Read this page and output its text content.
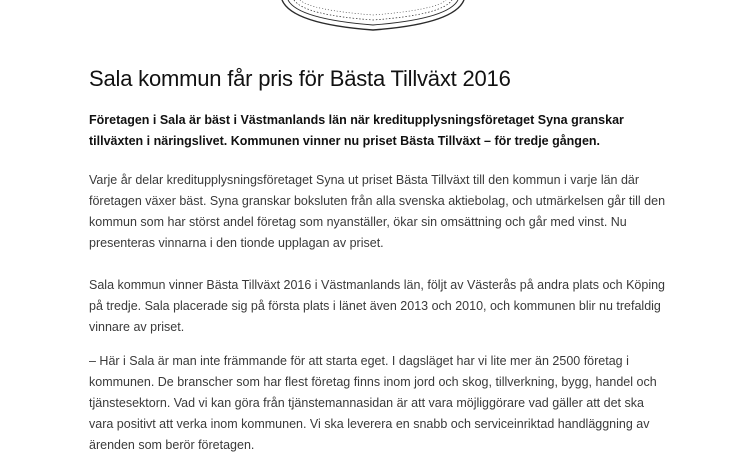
Sala kommun får pris för Bästa Tillväxt 2016

Företagen i Sala är bäst i Västmanlands län när kreditupplysningsföretaget Syna granskar tillväxten i näringslivet. Kommunen vinner nu priset Bästa Tillväxt – för tredje gången.

Varje år delar kreditupplysningsföretaget Syna ut priset Bästa Tillväxt till den kommun i varje län där företagen växer bäst. Syna granskar boksluten från alla svenska aktiebolag, och utmärkelsen går till den kommun som har störst andel företag som nyanställer, ökar sin omsättning och går med vinst. Nu presenteras vinnarna i den tionde upplagan av priset.

Sala kommun vinner Bästa Tillväxt 2016 i Västmanlands län, följt av Västerås på andra plats och Köping på tredje. Sala placerade sig på första plats i länet även 2013 och 2010, och kommunen blir nu trefaldig vinnare av priset.

– Här i Sala är man inte främmande för att starta eget. I dagsläget har vi lite mer än 2500 företag i kommunen. De branscher som har flest företag finns inom jord och skog, tillverkning, bygg, handel och tjänstesektorn. Vad vi kan göra från tjänstemannasidan är att vara möjliggörare vad gäller att det ska vara positivt att verka inom kommunen. Vi ska leverera en snabb och serviceinriktad handläggning av ärenden som berör företagen.
